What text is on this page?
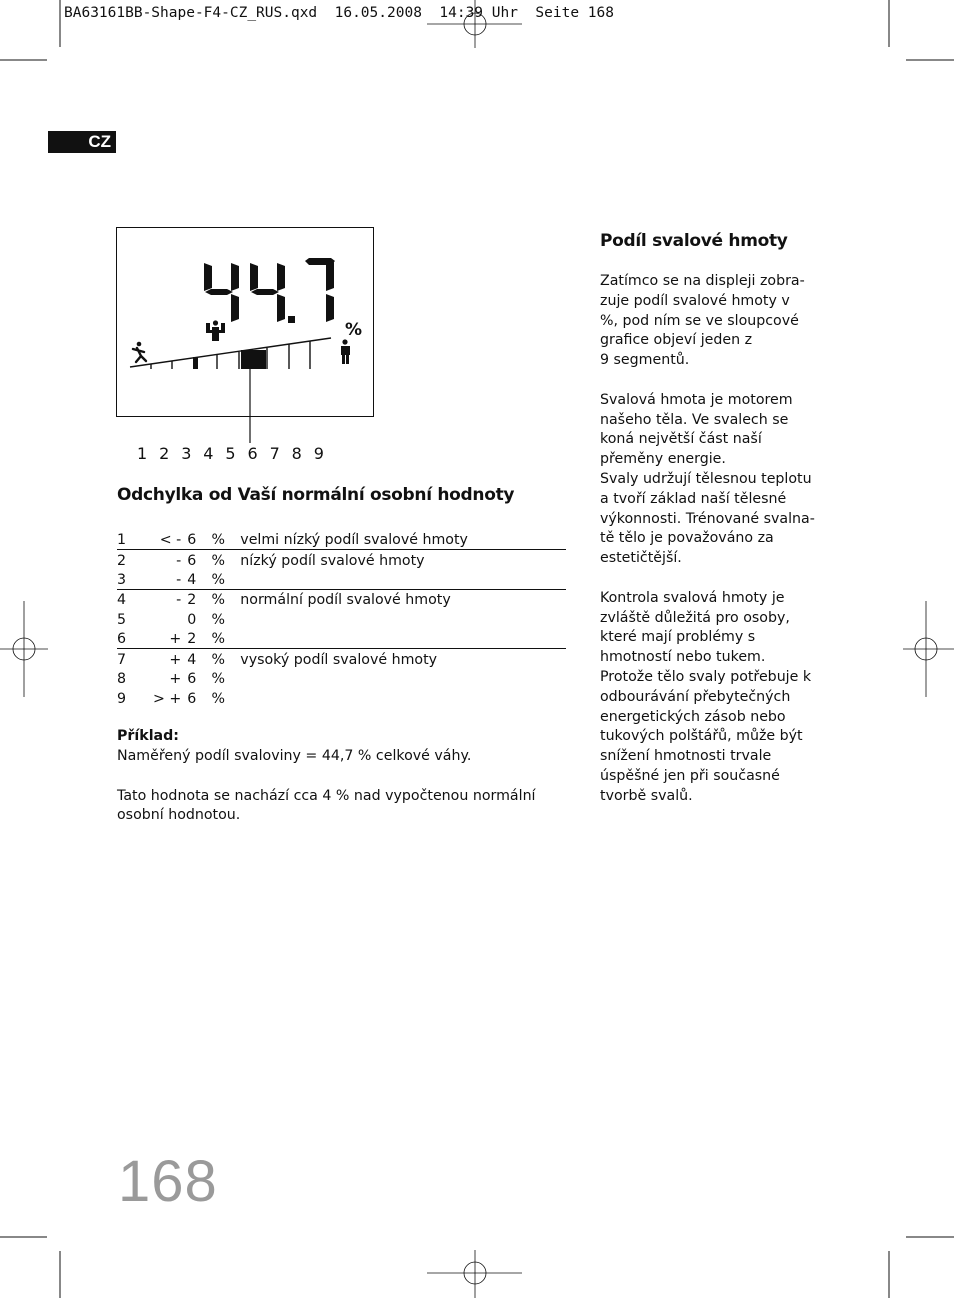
BA63161BB-Shape-F4-CZ_RUS.qxd  16.05.2008  14:39 Uhr  Seite 168
CZ
%
1 2 3 4 5 6 7 8 9
Odchylka od Vaší normální osobní hodnoty
1	< -	6	%	velmi nízký podíl svalové hmoty
2	-	6	%	nízký podíl svalové hmoty
3	-	4	%	
4	-	2	%	normální podíl svalové hmoty
5		0	%	
6	+	2	%	
7	+	4	%	vysoký podíl svalové hmoty
8	+	6	%	
9	> +	6	%	

Příklad:

Naměřený podíl svaloviny = 44,7 % celkové váhy.

Tato hodnota se nachází cca 4 % nad vypočtenou normální osobní hodnotou.

Podíl svalové hmoty
Zatímco se na displeji zobra-
zuje podíl svalové hmoty v
%, pod ním se ve sloupcové
grafice objeví jeden z
9 segmentů.
Svalová hmota je motorem
našeho těla. Ve svalech se
koná největší část naší
přeměny energie.
Svaly udržují tělesnou teplotu
a tvoří základ naší tělesné
výkonnosti. Trénované svalna-
tě tělo je považováno za
estetičtější.
Kontrola svalová hmoty je
zvláště důležitá pro osoby,
které mají problémy s
hmotností nebo tukem.
Protože tělo svaly potřebuje k
odbourávání přebytečných
energetických zásob nebo
tukových polštářů, může být
snížení hmotnosti trvale
úspěšné jen při současné
tvorbě svalů.
168
